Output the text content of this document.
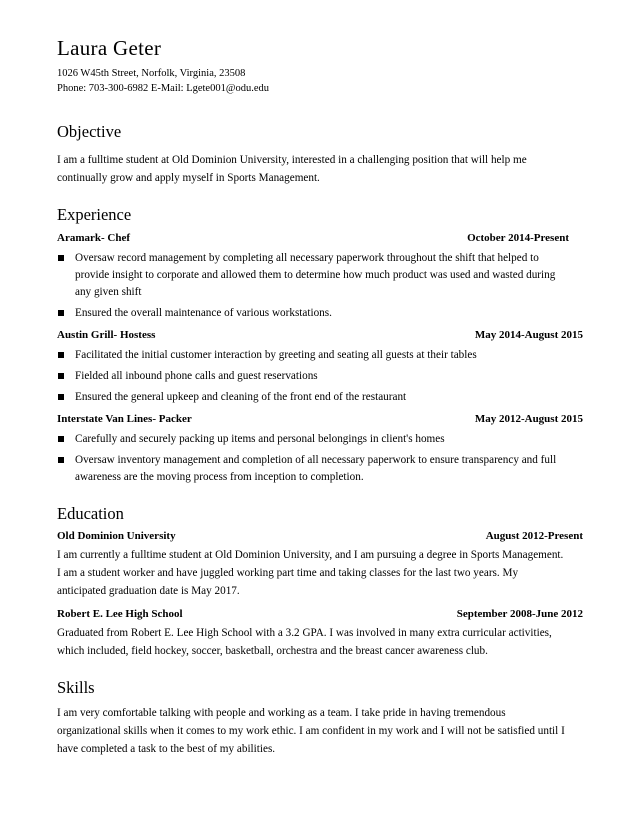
Laura Geter
1026 W45th Street, Norfolk, Virginia, 23508
Phone: 703-300-6982 E-Mail: Lgete001@odu.edu
Objective
I am a fulltime student at Old Dominion University, interested in a challenging position that will help me
continually grow and apply myself in Sports Management.
Experience
Aramark- Chef	October 2014-Present
Oversaw record management by completing all necessary paperwork throughout the shift that helped to
provide insight to corporate and allowed them to determine how much product was used and wasted during
any given shift
Ensured the overall maintenance of various workstations.
Austin Grill- Hostess	May 2014-August 2015
Facilitated the initial customer interaction by greeting and seating all guests at their tables
Fielded all inbound phone calls and guest reservations
Ensured the general upkeep and cleaning of the front end of the restaurant
Interstate Van Lines- Packer	May 2012-August 2015
Carefully and securely packing up items and personal belongings in client's homes
Oversaw inventory management and completion of all necessary paperwork to ensure transparency and full
awareness are the moving process from inception to completion.
Education
Old Dominion University	August 2012-Present
I am currently a fulltime student at Old Dominion University, and I am pursuing a degree in Sports Management.
I am a student worker and have juggled working part time and taking classes for the last two years. My
anticipated graduation date is May 2017.
Robert E. Lee High School	September 2008-June 2012
Graduated from Robert E. Lee High School with a 3.2 GPA. I was involved in many extra curricular activities,
which included, field hockey, soccer, basketball, orchestra and the breast cancer awareness club.
Skills
I am very comfortable talking with people and working as a team. I take pride in having tremendous
organizational skills when it comes to my work ethic. I am confident in my work and I will not be satisfied until I
have completed a task to the best of my abilities.
